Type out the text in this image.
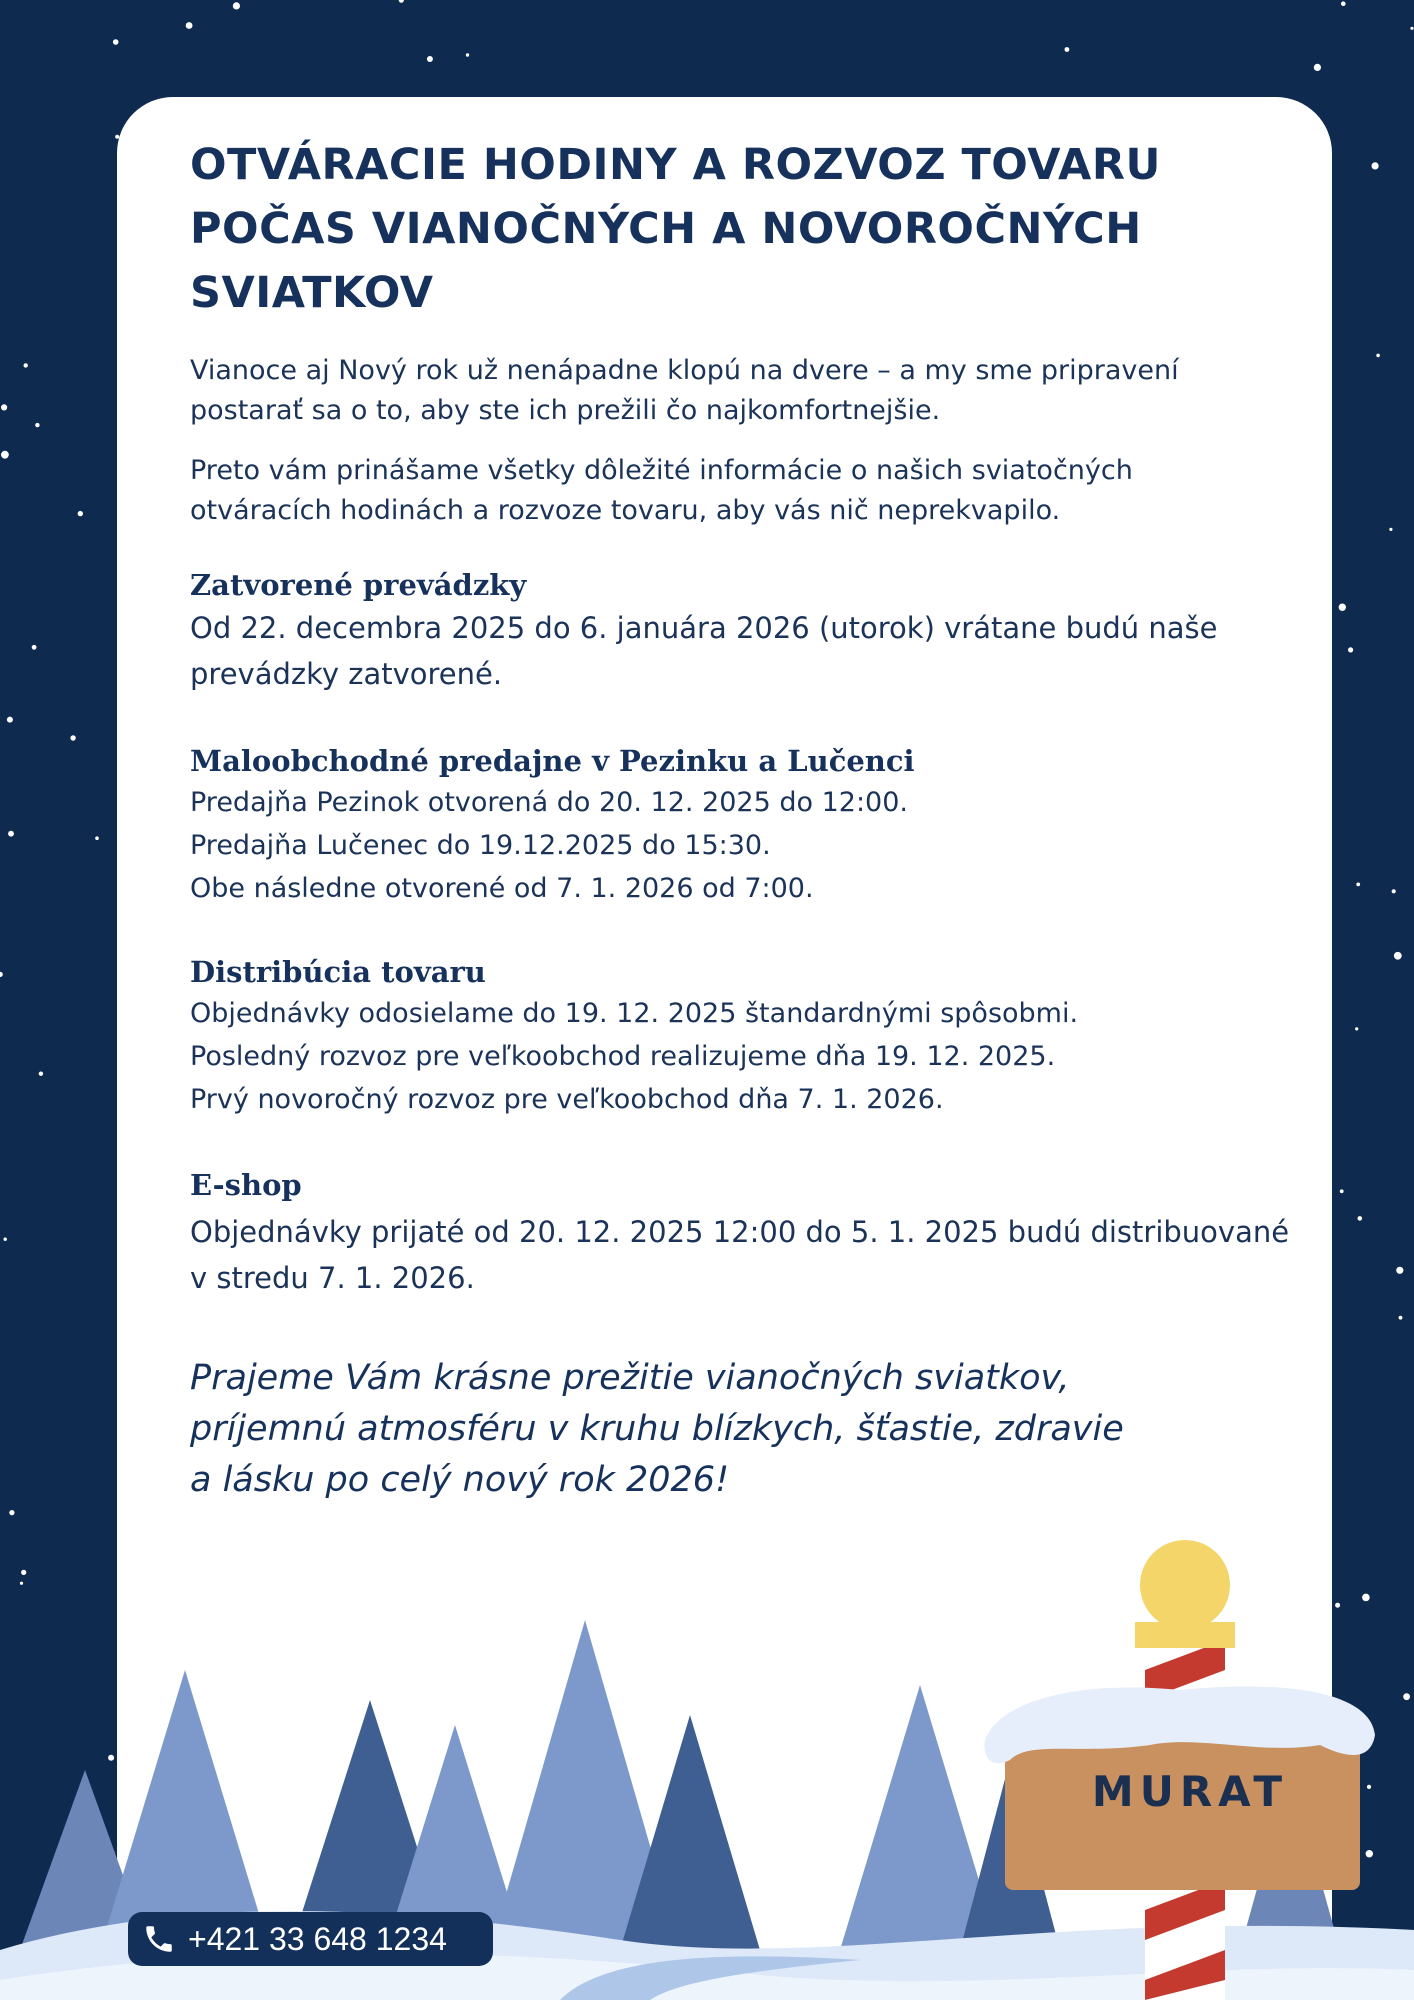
OTVÁRACIE HODINY A ROZVOZ TOVARU
POČAS VIANOČNÝCH A NOVOROČNÝCH
SVIATKOV

Vianoce aj Nový rok už nenápadne klopú na dvere – a my sme pripravení
postarať sa o to, aby ste ich prežili čo najkomfortnejšie.

Preto vám prinášame všetky dôležité informácie o našich sviatočných
otváracích hodinách a rozvoze tovaru, aby vás nič neprekvapilo.

Zatvorené prevádzky
Od 22. decembra 2025 do 6. januára 2026 (utorok) vrátane budú naše
prevádzky zatvorené.
Maloobchodné predajne v Pezinku a Lučenci
Predajňa Pezinok otvorená do 20. 12. 2025 do 12:00.
Predajňa Lučenec do 19.12.2025 do 15:30.
Obe následne otvorené od 7. 1. 2026 od 7:00.
Distribúcia tovaru
Objednávky odosielame do 19. 12. 2025 štandardnými spôsobmi.
Posledný rozvoz pre veľkoobchod realizujeme dňa 19. 12. 2025.
Prvý novoročný rozvoz pre veľkoobchod dňa 7. 1. 2026.
E-shop
Objednávky prijaté od 20. 12. 2025 12:00 do 5. 1. 2025 budú distribuované
v stredu 7. 1. 2026.
Prajeme Vám krásne prežitie vianočných sviatkov,
príjemnú atmosféru v kruhu blízkych, šťastie, zdravie
a lásku po celý nový rok 2026!
MURAT
+421 33 648 1234
